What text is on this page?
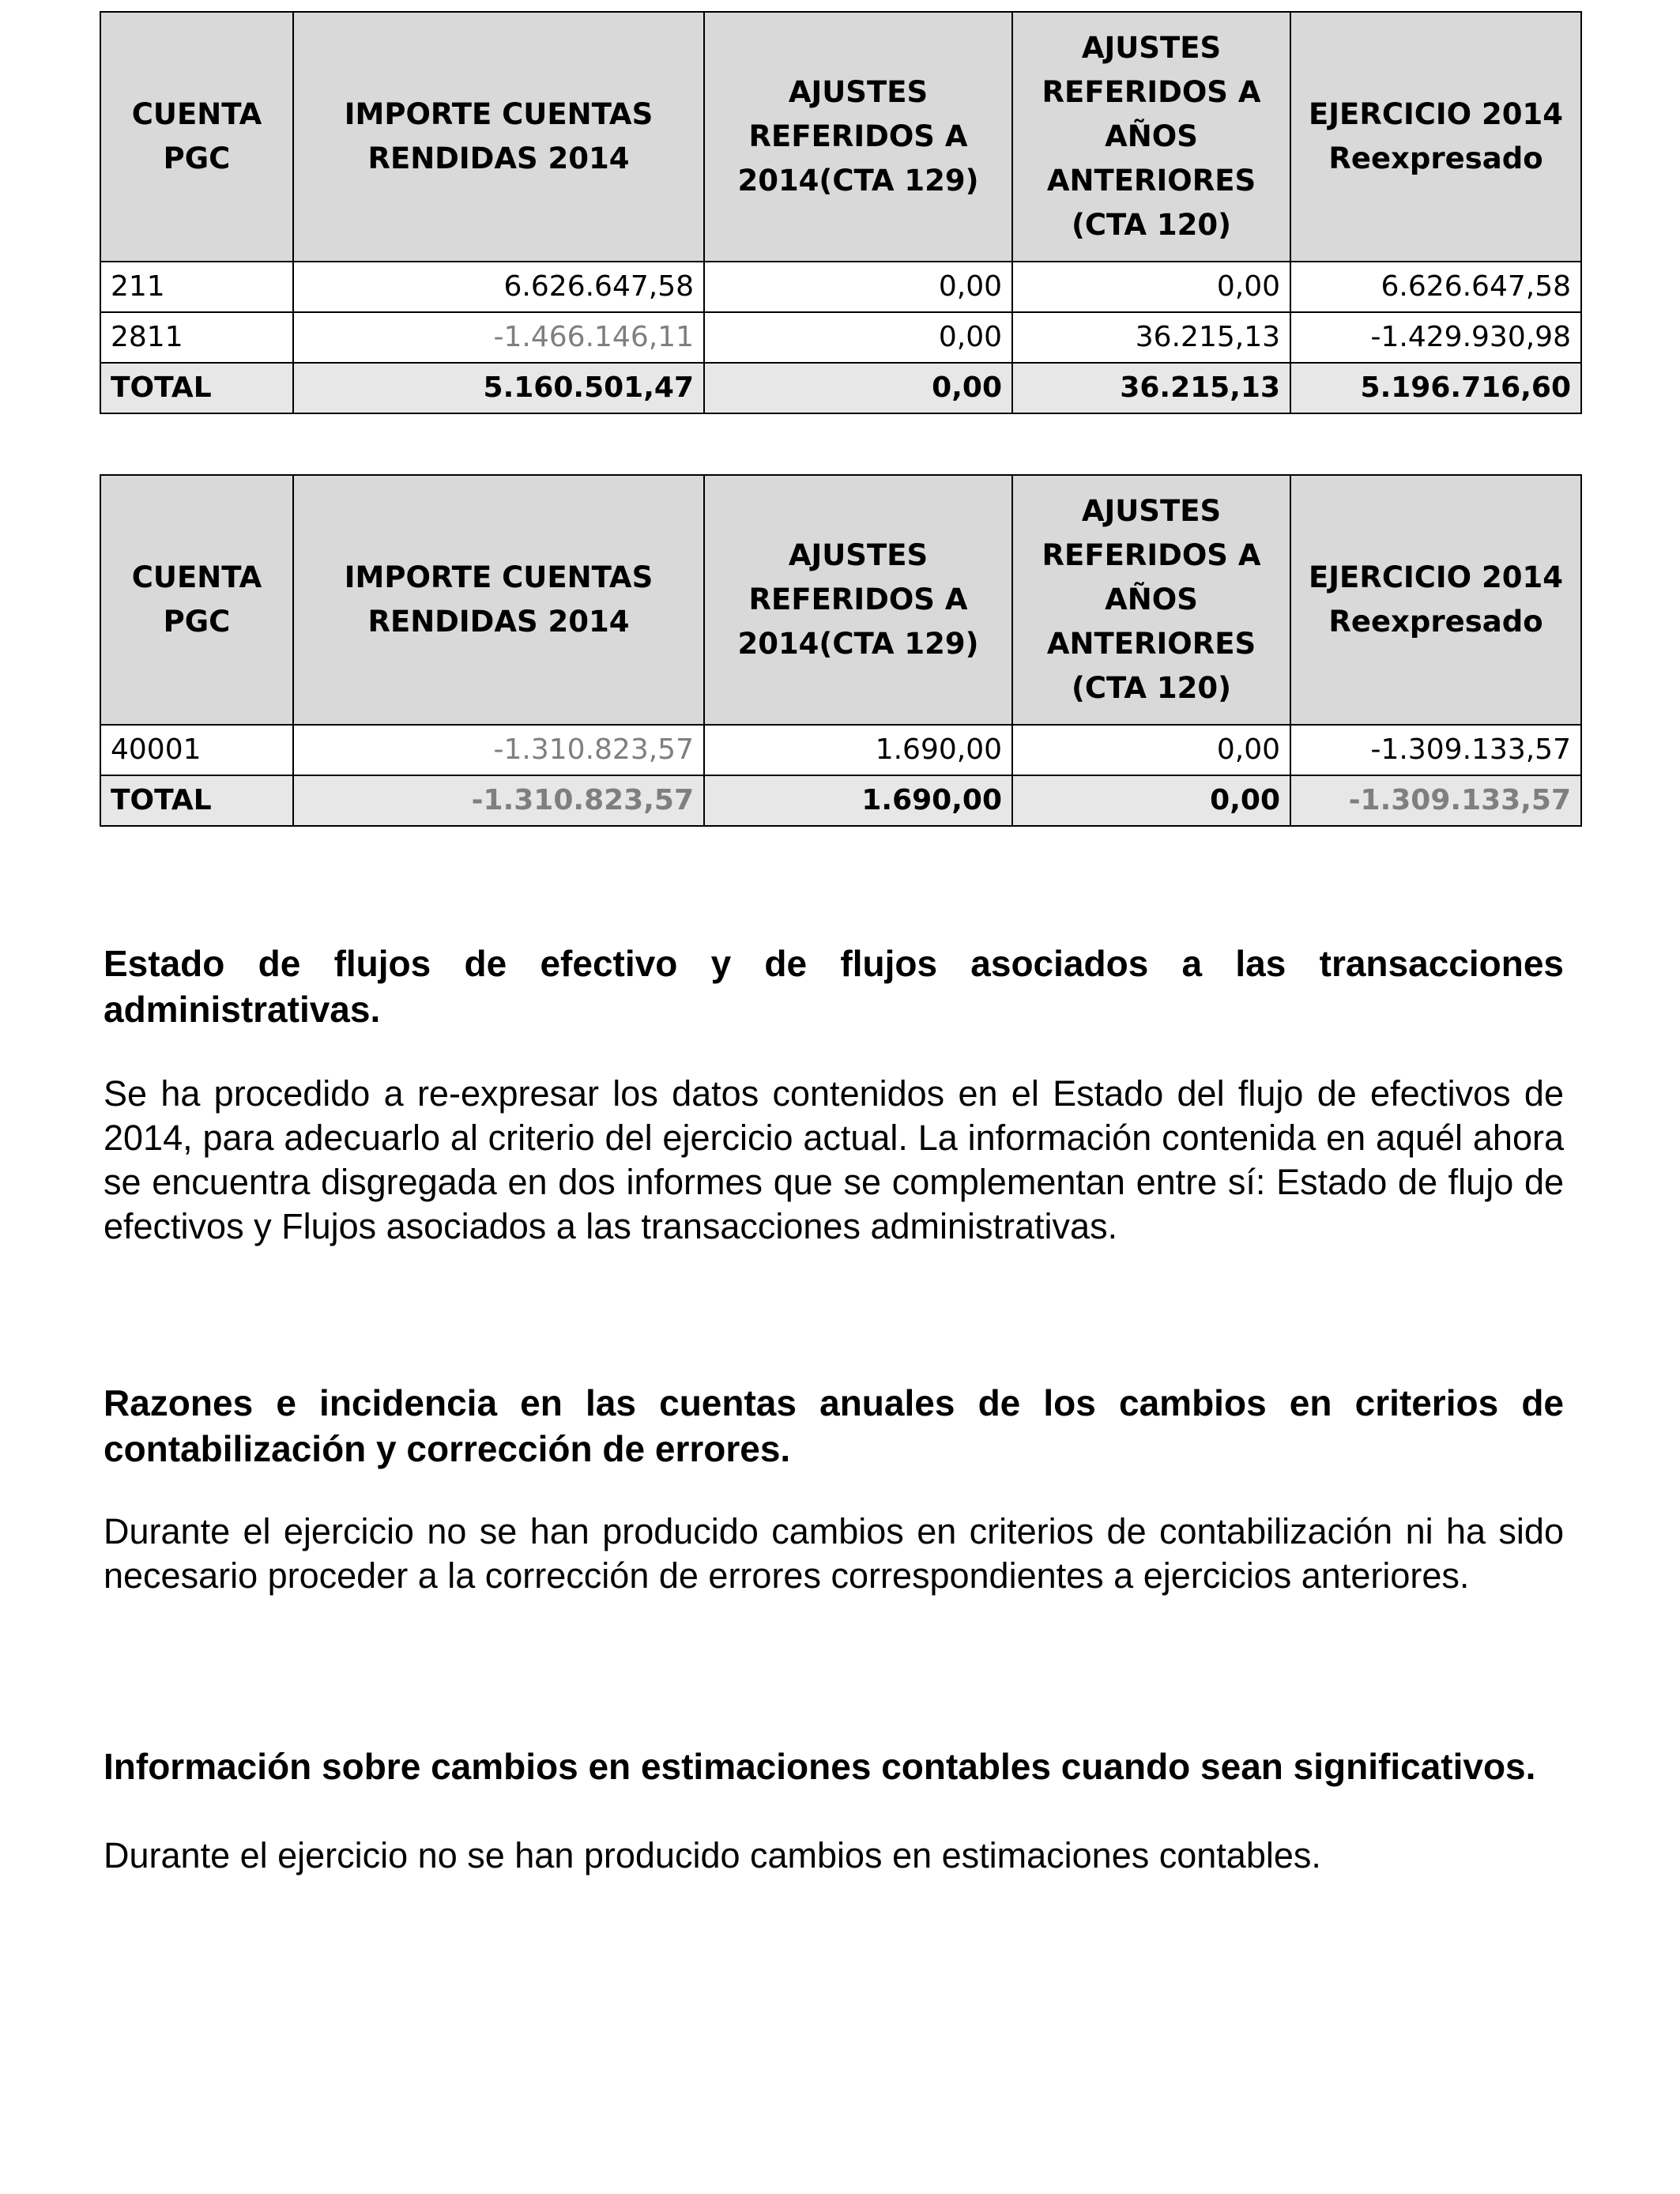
CUENTA PGC	IMPORTE CUENTAS RENDIDAS 2014	AJUSTES REFERIDOS A 2014(CTA 129)	AJUSTES REFERIDOS A AÑOS ANTERIORES (CTA 120)	EJERCICIO 2014 Reexpresado
211	6.626.647,58	0,00	0,00	6.626.647,58
2811	-1.466.146,11	0,00	36.215,13	-1.429.930,98
TOTAL	5.160.501,47	0,00	36.215,13	5.196.716,60
CUENTA PGC	IMPORTE CUENTAS RENDIDAS 2014	AJUSTES REFERIDOS A 2014(CTA 129)	AJUSTES REFERIDOS A AÑOS ANTERIORES (CTA 120)	EJERCICIO 2014 Reexpresado
40001	-1.310.823,57	1.690,00	0,00	-1.309.133,57
TOTAL	-1.310.823,57	1.690,00	0,00	-1.309.133,57
Estado de flujos de efectivo y de flujos asociados a las transacciones administrativas.

Se ha procedido a re-expresar los datos contenidos en el Estado del flujo de efectivos de 2014, para adecuarlo al criterio del ejercicio actual. La información contenida en aquél ahora se encuentra disgregada en dos informes que se complementan entre sí: Estado de flujo de efectivos y Flujos asociados a las transacciones administrativas.

Razones e incidencia en las cuentas anuales de los cambios en criterios de contabilización y corrección de errores.

Durante el ejercicio no se han producido cambios en criterios de contabilización ni ha sido necesario proceder a la corrección de errores correspondientes a ejercicios anteriores.

Información sobre cambios en estimaciones contables cuando sean significativos.

Durante el ejercicio no se han producido cambios en estimaciones contables.
